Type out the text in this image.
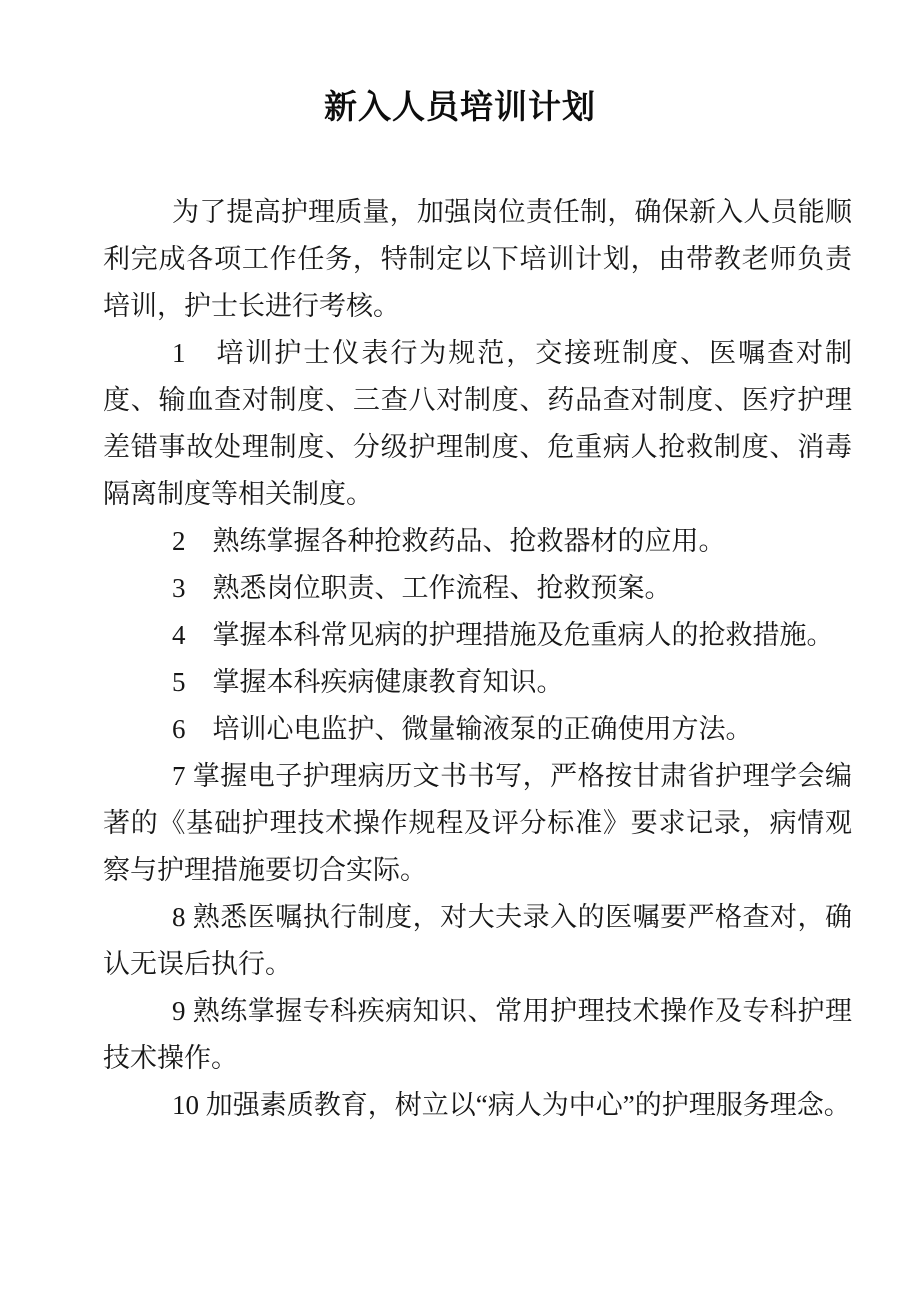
新入人员培训计划

为了提高护理质量，加强岗位责任制，确保新入人员能顺利完成各项工作任务，特制定以下培训计划，由带教老师负责培训，护士长进行考核。

1　培训护士仪表行为规范，交接班制度、医嘱查对制度、输血查对制度、三查八对制度、药品查对制度、医疗护理差错事故处理制度、分级护理制度、危重病人抢救制度、消毒隔离制度等相关制度。

2　熟练掌握各种抢救药品、抢救器材的应用。

3　熟悉岗位职责、工作流程、抢救预案。

4　掌握本科常见病的护理措施及危重病人的抢救措施。

5　掌握本科疾病健康教育知识。

6　培训心电监护、微量输液泵的正确使用方法。

7 掌握电子护理病历文书书写，严格按甘肃省护理学会编著的《基础护理技术操作规程及评分标准》要求记录，病情观察与护理措施要切合实际。

8 熟悉医嘱执行制度，对大夫录入的医嘱要严格查对，确认无误后执行。

9 熟练掌握专科疾病知识、常用护理技术操作及专科护理技术操作。

10 加强素质教育，树立以“病人为中心”的护理服务理念。
